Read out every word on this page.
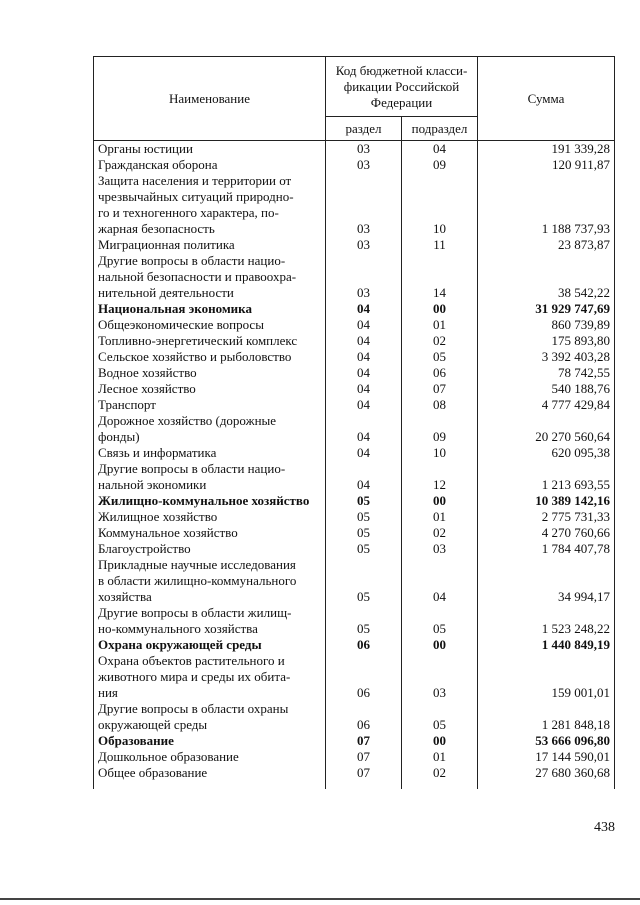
Наименование	Код бюджетной класси-
фикации Российской
Федерации		Сумма
	раздел	подраздел	

Органы юстиции	03	04	191 339,28

Гражданская оборона	03	09	120 911,87

Защита населения и территории от
чрезвычайных ситуаций природно-
го и техногенного характера, по-
жарная безопасность	03	10	1 188 737,93

Миграционная политика	03	11	23 873,87

Другие вопросы в области нацио-
нальной безопасности и правоохра-
нительной деятельности	03	14	38 542,22

Национальная экономика	04	00	31 929 747,69

Общеэкономические вопросы	04	01	860 739,89

Топливно-энергетический комплекс	04	02	175 893,80

Сельское хозяйство и рыболовство	04	05	3 392 403,28

Водное хозяйство	04	06	78 742,55

Лесное хозяйство	04	07	540 188,76

Транспорт	04	08	4 777 429,84

Дорожное хозяйство (дорожные
фонды)	04	09	20 270 560,64

Связь и информатика	04	10	620 095,38

Другие вопросы в области нацио-
нальной экономики	04	12	1 213 693,55

Жилищно-коммунальное хозяйство	05	00	10 389 142,16

Жилищное хозяйство	05	01	2 775 731,33

Коммунальное хозяйство	05	02	4 270 760,66

Благоустройство	05	03	1 784 407,78

Прикладные научные исследования
в области жилищно-коммунального
хозяйства	05	04	34 994,17

Другие вопросы в области жилищ-
но-коммунального хозяйства	05	05	1 523 248,22

Охрана окружающей среды	06	00	1 440 849,19

Охрана объектов растительного и
животного мира и среды их обита-
ния	06	03	159 001,01

Другие вопросы в области охраны
окружающей среды	06	05	1 281 848,18

Образование	07	00	53 666 096,80

Дошкольное образование	07	01	17 144 590,01

Общее образование	07	02	27 680 360,68

438
